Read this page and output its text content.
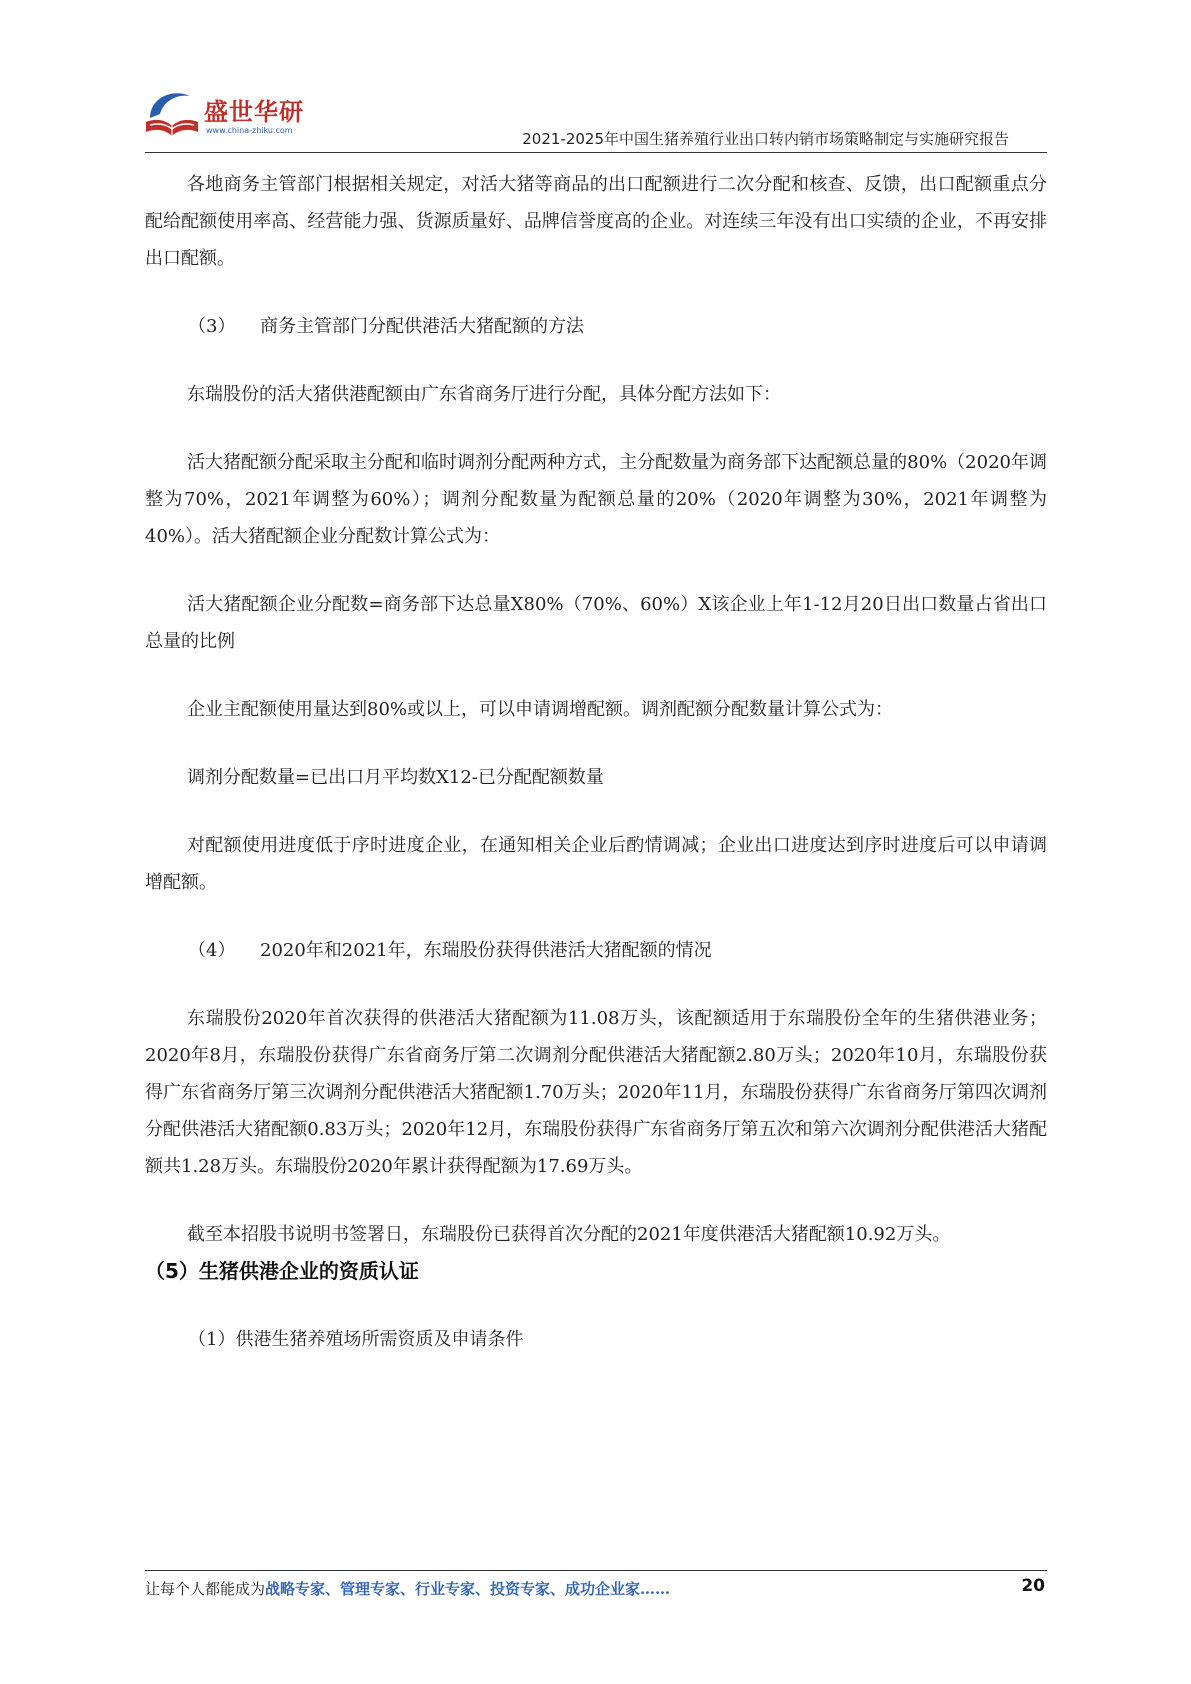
盛世华研
www.china-zhiku.com	2021-2025年中国生猪养殖行业出口转内销市场策略制定与实施研究报告

各地商务主管部门根据相关规定，对活大猪等商品的出口配额进行二次分配和核查、反馈，出口配额重点分配给配额使用率高、经营能力强、货源质量好、品牌信誉度高的企业。对连续三年没有出口实绩的企业，不再安排出口配额。

（3） 商务主管部门分配供港活大猪配额的方法

东瑞股份的活大猪供港配额由广东省商务厅进行分配，具体分配方法如下：

活大猪配额分配采取主分配和临时调剂分配两种方式，主分配数量为商务部下达配额总量的80%（2020年调整为70%，2021年调整为60%）；调剂分配数量为配额总量的20%（2020年调整为30%，2021年调整为40%）。活大猪配额企业分配数计算公式为：

活大猪配额企业分配数=商务部下达总量X80%（70%、60%）X该企业上年1-12月20日出口数量占省出口总量的比例

企业主配额使用量达到80%或以上，可以申请调增配额。调剂配额分配数量计算公式为：

调剂分配数量=已出口月平均数X12-已分配配额数量

对配额使用进度低于序时进度企业，在通知相关企业后酌情调减；企业出口进度达到序时进度后可以申请调增配额。

（4） 2020年和2021年，东瑞股份获得供港活大猪配额的情况

东瑞股份2020年首次获得的供港活大猪配额为11.08万头，该配额适用于东瑞股份全年的生猪供港业务；2020年8月，东瑞股份获得广东省商务厅第二次调剂分配供港活大猪配额2.80万头；2020年10月，东瑞股份获得广东省商务厅第三次调剂分配供港活大猪配额1.70万头；2020年11月，东瑞股份获得广东省商务厅第四次调剂分配供港活大猪配额0.83万头；2020年12月，东瑞股份获得广东省商务厅第五次和第六次调剂分配供港活大猪配额共1.28万头。东瑞股份2020年累计获得配额为17.69万头。

截至本招股书说明书签署日，东瑞股份已获得首次分配的2021年度供港活大猪配额10.92万头。

（5）生猪供港企业的资质认证

（1）供港生猪养殖场所需资质及申请条件

让每个人都能成为战略专家、管理专家、行业专家、投资专家、成功企业家……	20
